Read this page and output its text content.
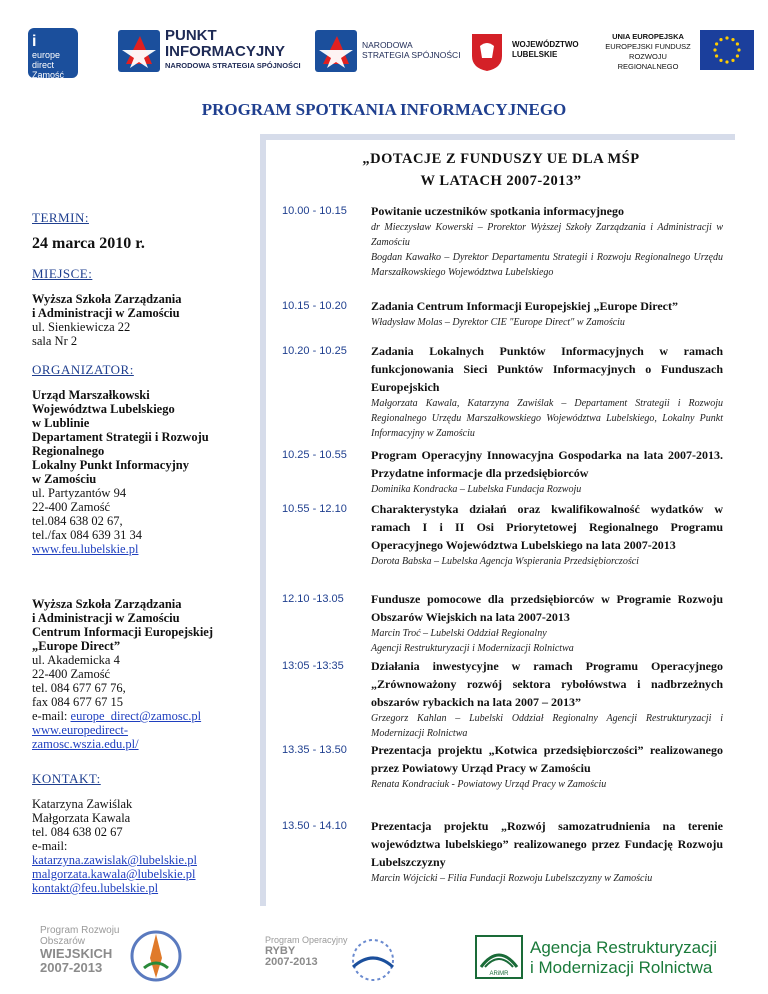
i
europe
direct
Zamość
PUNKT
INFORMACYJNY
NARODOWA STRATEGIA SPÓJNOŚCI
NARODOWA
STRATEGIA SPÓJNOŚCI
WOJEWÓDZTWO
LUBELSKIE
UNIA EUROPEJSKA
EUROPEJSKI FUNDUSZ
ROZWOJU REGIONALNEGO
PROGRAM SPOTKANIA INFORMACYJNEGO
„DOTACJE Z FUNDUSZY UE DLA MŚP
W LATACH 2007-2013”
TERMIN:
24 marca 2010 r.
MIEJSCE:
Wyższa Szkoła Zarządzania
i Administracji w Zamościu
ul. Sienkiewicza 22
sala Nr 2
ORGANIZATOR:
Urząd Marszałkowski
Województwa Lubelskiego
w Lublinie
Departament Strategii i Rozwoju
Regionalnego
Lokalny Punkt Informacyjny
w Zamościu
ul. Partyzantów 94
22-400 Zamość
tel.084 638 02 67,
tel./fax 084 639 31 34
www.feu.lubelskie.pl
Wyższa Szkoła Zarządzania
i Administracji w Zamościu
Centrum Informacji Europejskiej
„Europe Direct”
ul. Akademicka 4
22-400 Zamość
tel. 084 677 67 76,
fax 084 677 67 15
e-mail: europe_direct@zamosc.pl
www.europedirect-
zamosc.wszia.edu.pl/
KONTAKT:
Katarzyna Zawiślak
Małgorzata Kawala
tel. 084 638 02 67
e-mail:
katarzyna.zawislak@lubelskie.pl
malgorzata.kawala@lubelskie.pl
kontakt@feu.lubelskie.pl
10.00 - 10.15	Powitanie uczestników spotkania informacyjnego

dr Mieczysław Kowerski – Prorektor Wyższej Szkoły Zarządzania i Administracji w Zamościu

Bogdan Kawałko – Dyrektor Departamentu Strategii i Rozwoju Regionalnego Urzędu Marszałkowskiego Województwa Lubelskiego

10.15 - 10.20	Zadania Centrum Informacji Europejskiej „Europe Direct”

Władysław Molas – Dyrektor CIE "Europe Direct" w Zamościu

10.20 - 10.25	Zadania Lokalnych Punktów Informacyjnych w ramach funkcjonowania Sieci Punktów Informacyjnych o Funduszach Europejskich

Małgorzata Kawala, Katarzyna Zawiślak – Departament Strategii i Rozwoju Regionalnego Urzędu Marszałkowskiego Województwa Lubelskiego, Lokalny Punkt Informacyjny w Zamościu

10.25 - 10.55	Program Operacyjny Innowacyjna Gospodarka na lata 2007-2013. Przydatne informacje dla przedsiębiorców

Dominika Kondracka – Lubelska Fundacja Rozwoju

10.55 - 12.10	Charakterystyka działań oraz kwalifikowalność wydatków w ramach I i II Osi Priorytetowej Regionalnego Programu Operacyjnego Województwa Lubelskiego na lata 2007-2013

Dorota Babska – Lubelska Agencja Wspierania Przedsiębiorczości

12.10 -13.05	Fundusze pomocowe dla przedsiębiorców w Programie Rozwoju Obszarów Wiejskich na lata 2007-2013

Marcin Troć – Lubelski Oddział Regionalny

Agencji Restrukturyzacji i Modernizacji Rolnictwa

13:05 -13:35	Działania inwestycyjne w ramach Programu Operacyjnego „Zrównoważony rozwój sektora rybołówstwa i nadbrzeżnych obszarów rybackich na lata 2007 – 2013”

Grzegorz Kahlan – Lubelski Oddział Regionalny Agencji Restrukturyzacji i Modernizacji Rolnictwa

13.35 - 13.50	Prezentacja projektu „Kotwica przedsiębiorczości” realizowanego przez Powiatowy Urząd Pracy w Zamościu

Renata Kondraciuk - Powiatowy Urząd Pracy w Zamościu

13.50 - 14.10	Prezentacja projektu „Rozwój samozatrudnienia na terenie województwa lubelskiego” realizowanego przez Fundację Rozwoju Lubelszczyzny

Marcin Wójcicki – Filia Fundacji Rozwoju Lubelszczyzny w Zamościu

Program Rozwoju
Obszarów
WIEJSKICH
2007-2013
Program Operacyjny
RYBY
2007-2013
ARiMR
Agencja Restrukturyzacji
i Modernizacji Rolnictwa
